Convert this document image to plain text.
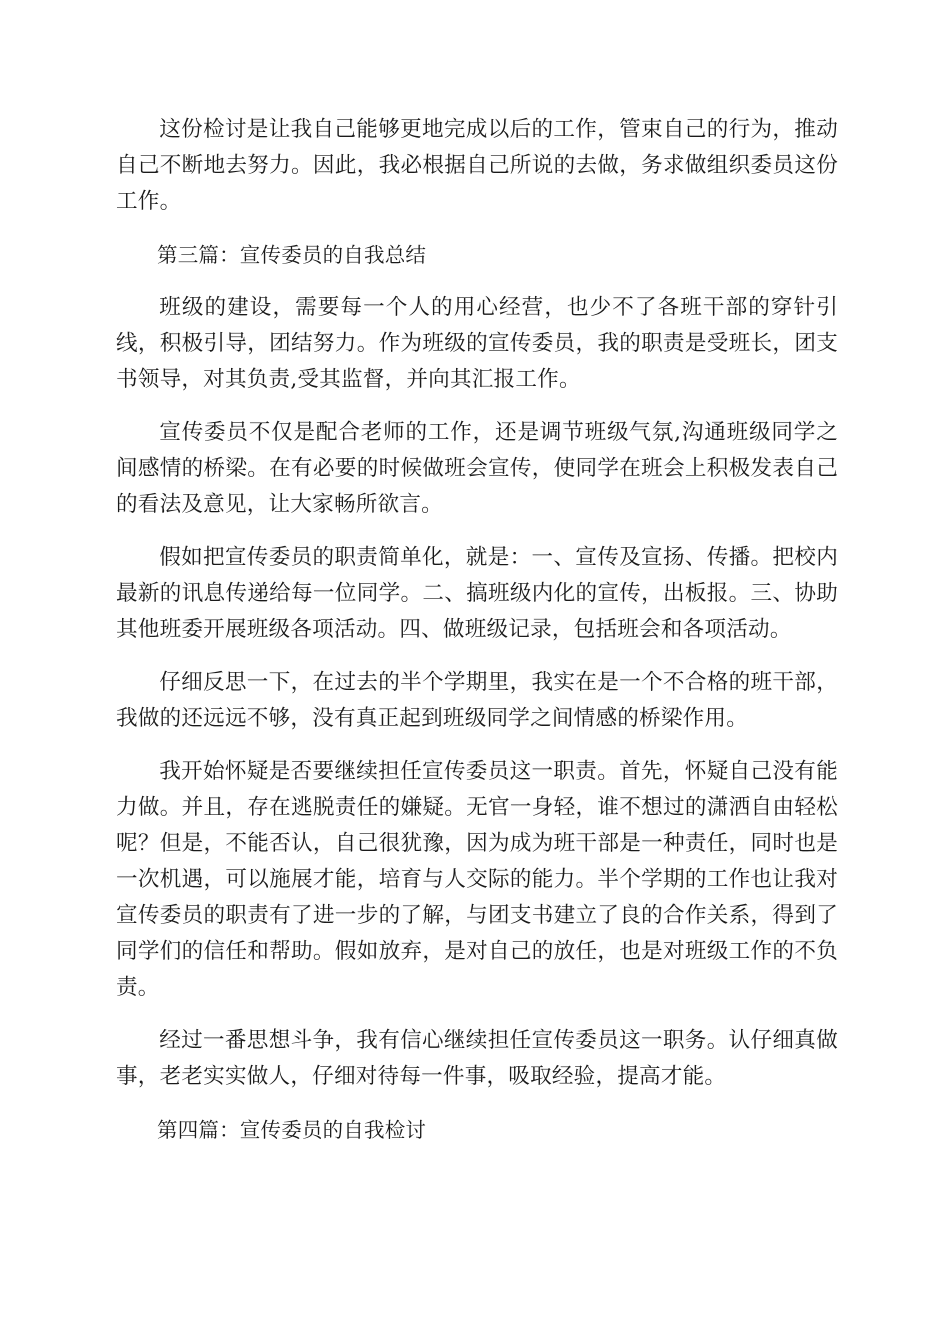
这份检讨是让我自己能够更地完成以后的工作，管束自己的行为，推动自己不断地去努力。因此，我必根据自己所说的去做，务求做组织委员这份工作。

第三篇：宣传委员的自我总结

班级的建设，需要每一个人的用心经营，也少不了各班干部的穿针引线，积极引导，团结努力。作为班级的宣传委员，我的职责是受班长，团支书领导，对其负责,受其监督，并向其汇报工作。

宣传委员不仅是配合老师的工作，还是调节班级气氛,沟通班级同学之间感情的桥梁。在有必要的时候做班会宣传，使同学在班会上积极发表自己的看法及意见，让大家畅所欲言。

假如把宣传委员的职责简单化，就是：一、宣传及宣扬、传播。把校内最新的讯息传递给每一位同学。二、搞班级内化的宣传，出板报。三、协助其他班委开展班级各项活动。四、做班级记录，包括班会和各项活动。

仔细反思一下，在过去的半个学期里，我实在是一个不合格的班干部，我做的还远远不够，没有真正起到班级同学之间情感的桥梁作用。

我开始怀疑是否要继续担任宣传委员这一职责。首先，怀疑自己没有能力做。并且，存在逃脱责任的嫌疑。无官一身轻，谁不想过的潇洒自由轻松呢？但是，不能否认，自己很犹豫，因为成为班干部是一种责任，同时也是一次机遇，可以施展才能，培育与人交际的能力。半个学期的工作也让我对宣传委员的职责有了进一步的了解，与团支书建立了良的合作关系，得到了同学们的信任和帮助。假如放弃，是对自己的放任，也是对班级工作的不负责。

经过一番思想斗争，我有信心继续担任宣传委员这一职务。认仔细真做事，老老实实做人，仔细对待每一件事，吸取经验，提高才能。

第四篇：宣传委员的自我检讨
